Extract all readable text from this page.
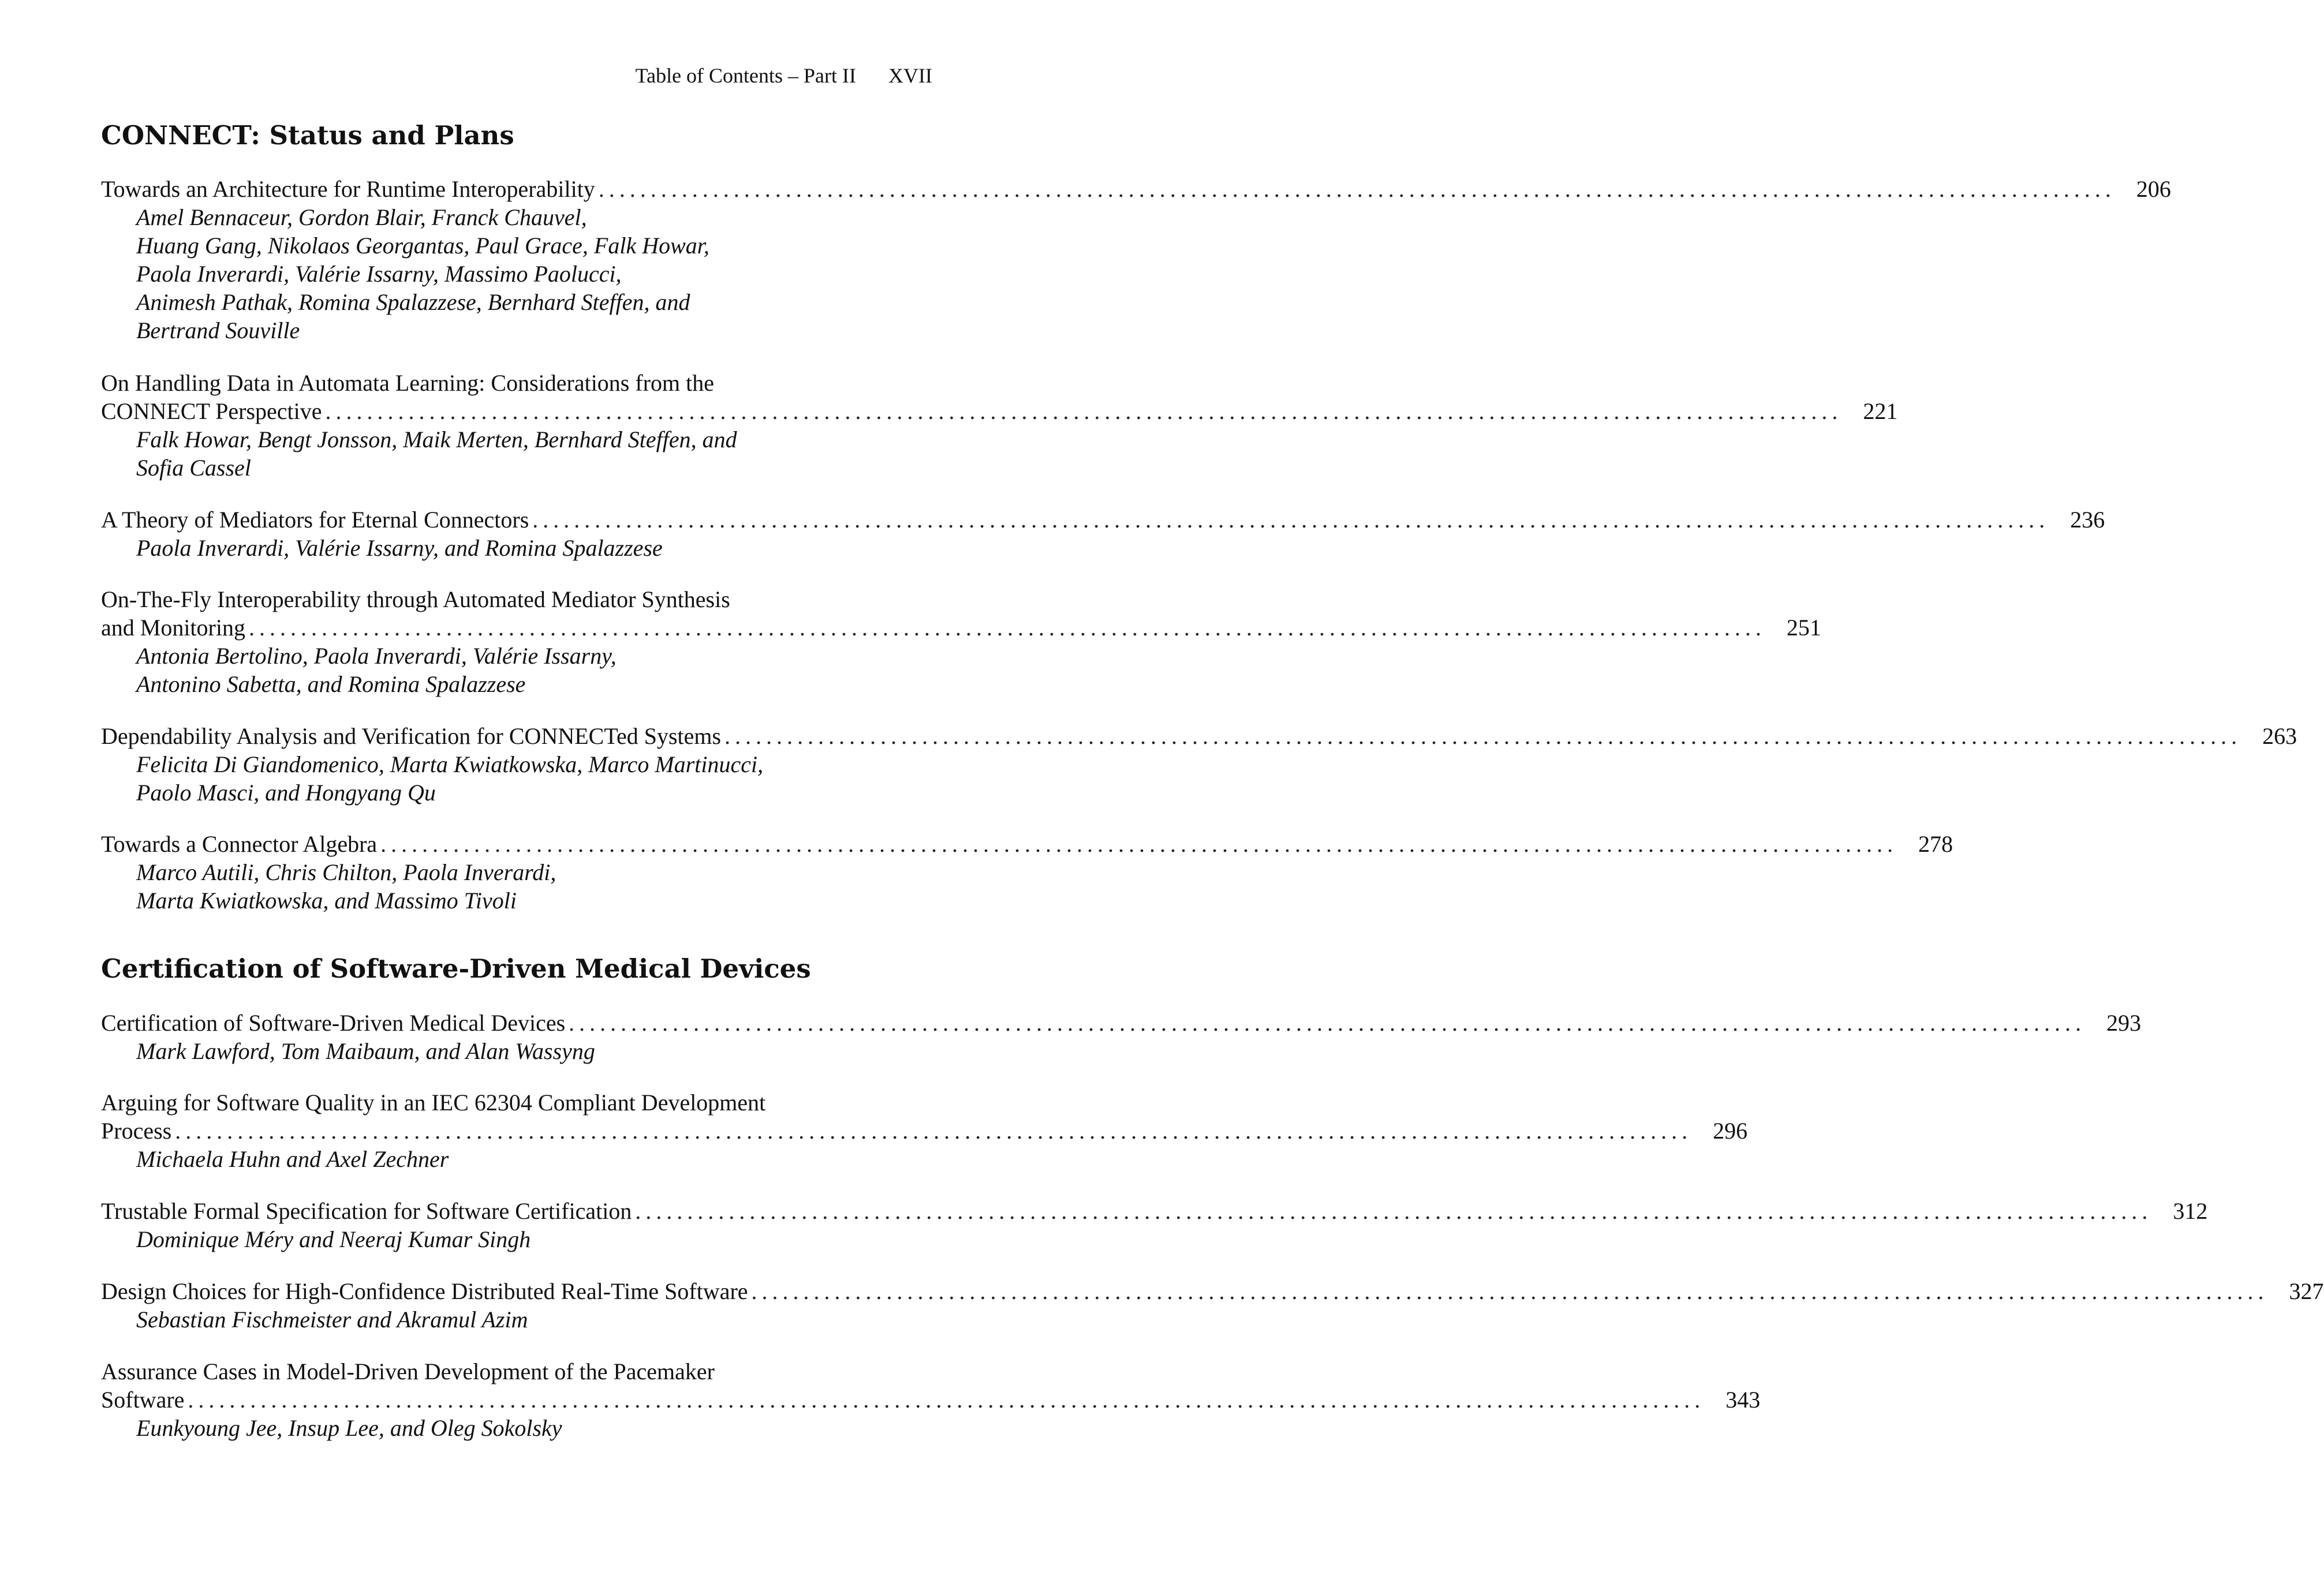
Table of Contents – Part II XVII
CONNECT: Status and Plans
Towards an Architecture for Runtime Interoperability .................................................................................................................................................. 206
Amel Bennaceur, Gordon Blair, Franck Chauvel,
Huang Gang, Nikolaos Georgantas, Paul Grace, Falk Howar,
Paola Inverardi, Valérie Issarny, Massimo Paolucci,
Animesh Pathak, Romina Spalazzese, Bernhard Steffen, and
Bertrand Souville
On Handling Data in Automata Learning: Considerations from the
CONNECT Perspective .................................................................................................................................................. 221
Falk Howar, Bengt Jonsson, Maik Merten, Bernhard Steffen, and
Sofia Cassel
A Theory of Mediators for Eternal Connectors .................................................................................................................................................. 236
Paola Inverardi, Valérie Issarny, and Romina Spalazzese
On-The-Fly Interoperability through Automated Mediator Synthesis
and Monitoring .................................................................................................................................................. 251
Antonia Bertolino, Paola Inverardi, Valérie Issarny,
Antonino Sabetta, and Romina Spalazzese
Dependability Analysis and Verification for CONNECTed Systems .................................................................................................................................................. 263
Felicita Di Giandomenico, Marta Kwiatkowska, Marco Martinucci,
Paolo Masci, and Hongyang Qu
Towards a Connector Algebra .................................................................................................................................................. 278
Marco Autili, Chris Chilton, Paola Inverardi,
Marta Kwiatkowska, and Massimo Tivoli
Certification of Software-Driven Medical Devices
Certification of Software-Driven Medical Devices .................................................................................................................................................. 293
Mark Lawford, Tom Maibaum, and Alan Wassyng
Arguing for Software Quality in an IEC 62304 Compliant Development
Process .................................................................................................................................................. 296
Michaela Huhn and Axel Zechner
Trustable Formal Specification for Software Certification .................................................................................................................................................. 312
Dominique Méry and Neeraj Kumar Singh
Design Choices for High-Confidence Distributed Real-Time Software .................................................................................................................................................. 327
Sebastian Fischmeister and Akramul Azim
Assurance Cases in Model-Driven Development of the Pacemaker
Software .................................................................................................................................................. 343
Eunkyoung Jee, Insup Lee, and Oleg Sokolsky
